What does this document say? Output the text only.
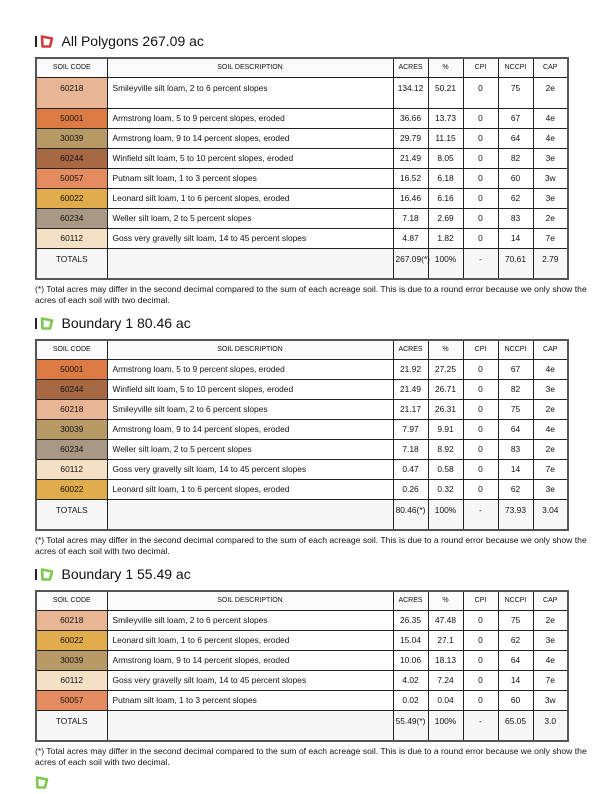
All Polygons 267.09 ac
SOIL CODE	SOIL DESCRIPTION	ACRES	%	CPI	NCCPI	CAP
60218	Smileyville silt loam, 2 to 6 percent slopes	134.12	50.21	0	75	2e
50001	Armstrong loam, 5 to 9 percent slopes, eroded	36.66	13.73	0	67	4e
30039	Armstrong loam, 9 to 14 percent slopes, eroded	29.79	11.15	0	64	4e
60244	Winfield silt loam, 5 to 10 percent slopes, eroded	21.49	8.05	0	82	3e
50057	Putnam silt loam, 1 to 3 percent slopes	16.52	6.18	0	60	3w
60022	Leonard silt loam, 1 to 6 percent slopes, eroded	16.46	6.16	0	62	3e
60234	Weller silt loam, 2 to 5 percent slopes	7.18	2.69	0	83	2e
60112	Goss very gravelly silt loam, 14 to 45 percent slopes	4.87	1.82	0	14	7e
TOTALS		267.09(*)	100%	-	70.61	2.79
(*) Total acres may differ in the second decimal compared to the sum of each acreage soil. This is due to a round error because we only show the acres of each soil with two decimal.
Boundary 1 80.46 ac
SOIL CODE	SOIL DESCRIPTION	ACRES	%	CPI	NCCPI	CAP
50001	Armstrong loam, 5 to 9 percent slopes, eroded	21.92	27.25	0	67	4e
60244	Winfield silt loam, 5 to 10 percent slopes, eroded	21.49	26.71	0	82	3e
60218	Smileyville silt loam, 2 to 6 percent slopes	21.17	26.31	0	75	2e
30039	Armstrong loam, 9 to 14 percent slopes, eroded	7.97	9.91	0	64	4e
60234	Weller silt loam, 2 to 5 percent slopes	7.18	8.92	0	83	2e
60112	Goss very gravelly silt loam, 14 to 45 percent slopes	0.47	0.58	0	14	7e
60022	Leonard silt loam, 1 to 6 percent slopes, eroded	0.26	0.32	0	62	3e
TOTALS		80.46(*)	100%	-	73.93	3.04
(*) Total acres may differ in the second decimal compared to the sum of each acreage soil. This is due to a round error because we only show the acres of each soil with two decimal.
Boundary 1 55.49 ac
SOIL CODE	SOIL DESCRIPTION	ACRES	%	CPI	NCCPI	CAP
60218	Smileyville silt loam, 2 to 6 percent slopes	26.35	47.48	0	75	2e
60022	Leonard silt loam, 1 to 6 percent slopes, eroded	15.04	27.1	0	62	3e
30039	Armstrong loam, 9 to 14 percent slopes, eroded	10.06	18.13	0	64	4e
60112	Goss very gravelly silt loam, 14 to 45 percent slopes	4.02	7.24	0	14	7e
50057	Putnam silt loam, 1 to 3 percent slopes	0.02	0.04	0	60	3w
TOTALS		55.49(*)	100%	-	65.05	3.0
(*) Total acres may differ in the second decimal compared to the sum of each acreage soil. This is due to a round error because we only show the acres of each soil with two decimal.
